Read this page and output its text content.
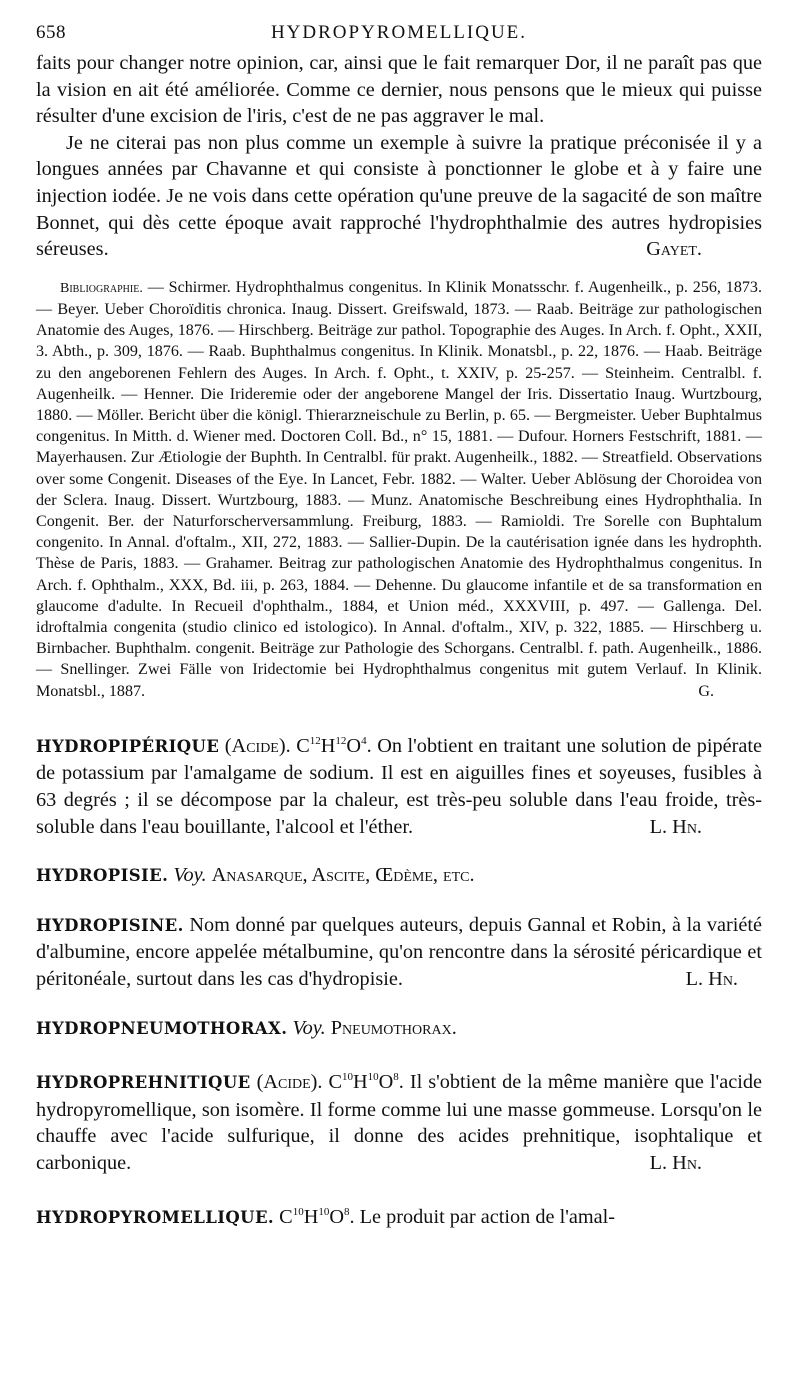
658	HYDROPYROMELLIQUE.

faits pour changer notre opinion, car, ainsi que le fait remarquer Dor, il ne paraît pas que la vision en ait été améliorée. Comme ce dernier, nous pensons que le mieux qui puisse résulter d'une excision de l'iris, c'est de ne pas aggraver le mal.

Je ne citerai pas non plus comme un exemple à suivre la pratique préconisée il y a longues années par Chavanne et qui consiste à ponctionner le globe et à y faire une injection iodée. Je ne vois dans cette opération qu'une preuve de la sagacité de son maître Bonnet, qui dès cette époque avait rapproché l'hydrophthalmie des autres hydropisies séreuses.	Gayet.

Bibliographie. — Schirmer. Hydrophthalmus congenitus. In Klinik Monatsschr. f. Augenheilk., p. 256, 1873. — Beyer. Ueber Choroïditis chronica. Inaug. Dissert. Greifswald, 1873. — Raab. Beiträge zur pathologischen Anatomie des Auges, 1876. — Hirschberg. Beiträge zur pathol. Topographie des Auges. In Arch. f. Opht., XXII, 3. Abth., p. 309, 1876. — Raab. Buphthalmus congenitus. In Klinik. Monatsbl., p. 22, 1876. — Haab. Beiträge zu den angeborenen Fehlern des Auges. In Arch. f. Opht., t. XXIV, p. 25-257. — Steinheim. Centralbl. f. Augenheilk. — Henner. Die Irideremie oder der angeborene Mangel der Iris. Dissertatio Inaug. Wurtzbourg, 1880. — Möller. Bericht über die königl. Thierarzneischule zu Berlin, p. 65. — Bergmeister. Ueber Buphtalmus congenitus. In Mitth. d. Wiener med. Doctoren Coll. Bd., n° 15, 1881. — Dufour. Horners Festschrift, 1881. — Mayerhausen. Zur Ætiologie der Buphth. In Centralbl. für prakt. Augenheilk., 1882. — Streatfield. Observations over some Congenit. Diseases of the Eye. In Lancet, Febr. 1882. — Walter. Ueber Ablösung der Choroidea von der Sclera. Inaug. Dissert. Wurtzbourg, 1883. — Munz. Anatomische Beschreibung eines Hydrophthalia. In Congenit. Ber. der Naturforscherversammlung. Freiburg, 1883. — Ramioldi. Tre Sorelle con Buphtalum congenito. In Annal. d'oftalm., XII, 272, 1883. — Sallier-Dupin. De la cautérisation ignée dans les hydrophth. Thèse de Paris, 1883. — Grahamer. Beitrag zur pathologischen Anatomie des Hydrophthalmus congenitus. In Arch. f. Ophthalm., XXX, Bd. iii, p. 263, 1884. — Dehenne. Du glaucome infantile et de sa transformation en glaucome d'adulte. In Recueil d'ophthalm., 1884, et Union méd., XXXVIII, p. 497. — Gallenga. Del. idroftalmia congenita (studio clinico ed istologico). In Annal. d'oftalm., XIV, p. 322, 1885. — Hirschberg u. Birnbacher. Buphthalm. congenit. Beiträge zur Pathologie des Schorgans. Centralbl. f. path. Augenheilk., 1886. — Snellinger. Zwei Fälle von Iridectomie bei Hydrophthalmus congenitus mit gutem Verlauf. In Klinik. Monatsbl., 1887.	G.
HYDROPIPÉRIQUE (Acide). $C^{12}H^{12}O^4$. On l'obtient en traitant une solution de pipérate de potassium par l'amalgame de sodium. Il est en aiguilles fines et soyeuses, fusibles à 63 degrés ; il se décompose par la chaleur, est très-peu soluble dans l'eau froide, très-soluble dans l'eau bouillante, l'alcool et l'éther.	L. Hn.
HYDROPISIE. Voy. Anasarque, Ascite, Œdème, etc.
HYDROPISINE. Nom donné par quelques auteurs, depuis Gannal et Robin, à la variété d'albumine, encore appelée métalbumine, qu'on rencontre dans la sérosité péricardique et péritonéale, surtout dans les cas d'hydropisie.	L. Hn.
HYDROPNEUMOTHORAX. Voy. Pneumothorax.
HYDROPREHNITIQUE (Acide). $C^{10}H^{10}O^8$. Il s'obtient de la même manière que l'acide hydropyromellique, son isomère. Il forme comme lui une masse gommeuse. Lorsqu'on le chauffe avec l'acide sulfurique, il donne des acides prehnitique, isophtalique et carbonique.	L. Hn.
HYDROPYROMELLIQUE. $C^{10}H^{10}O^8$. Le produit par action de l'amal-
